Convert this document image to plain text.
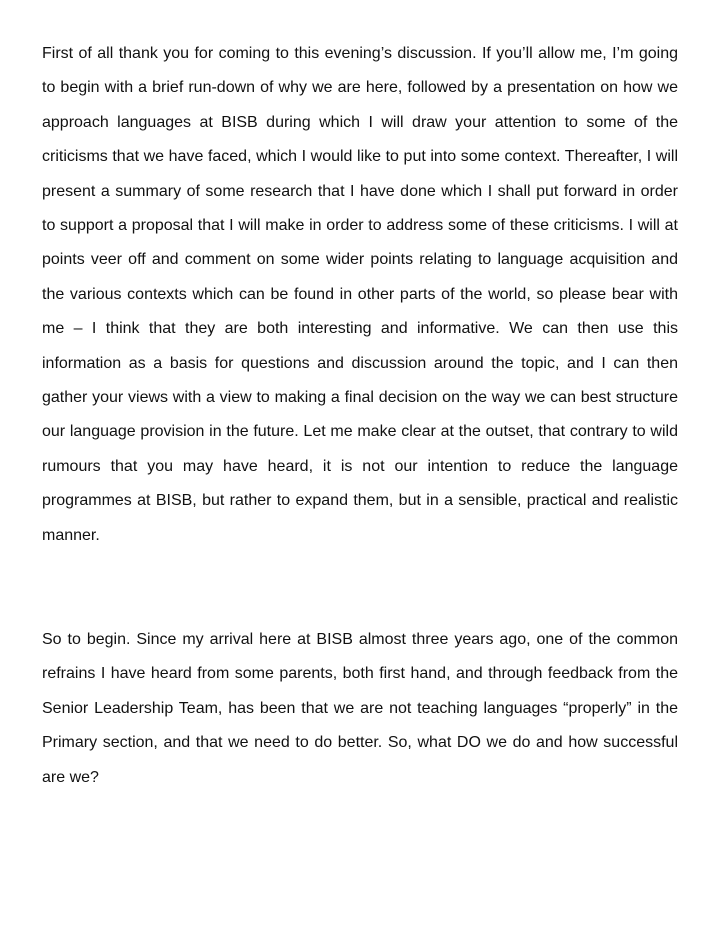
First of all thank you for coming to this evening’s discussion. If you’ll allow me, I’m going to begin with a brief run-down of why we are here, followed by a presentation on how we approach languages at BISB during which I will draw your attention to some of the criticisms that we have faced, which I would like to put into some context. Thereafter, I will present a summary of some research that I have done which I shall put forward in order to support a proposal that I will make in order to address some of these criticisms. I will at points veer off and comment on some wider points relating to language acquisition and the various contexts which can be found in other parts of the world, so please bear with me – I think that they are both interesting and informative. We can then use this information as a basis for questions and discussion around the topic, and I can then gather your views with a view to making a final decision on the way we can best structure our language provision in the future. Let me make clear at the outset, that contrary to wild rumours that you may have heard, it is not our intention to reduce the language programmes at BISB, but rather to expand them, but in a sensible, practical and realistic manner.

So to begin. Since my arrival here at BISB almost three years ago, one of the common refrains I have heard from some parents, both first hand, and through feedback from the Senior Leadership Team, has been that we are not teaching languages “properly” in the Primary section, and that we need to do better. So, what DO we do and how successful are we?
